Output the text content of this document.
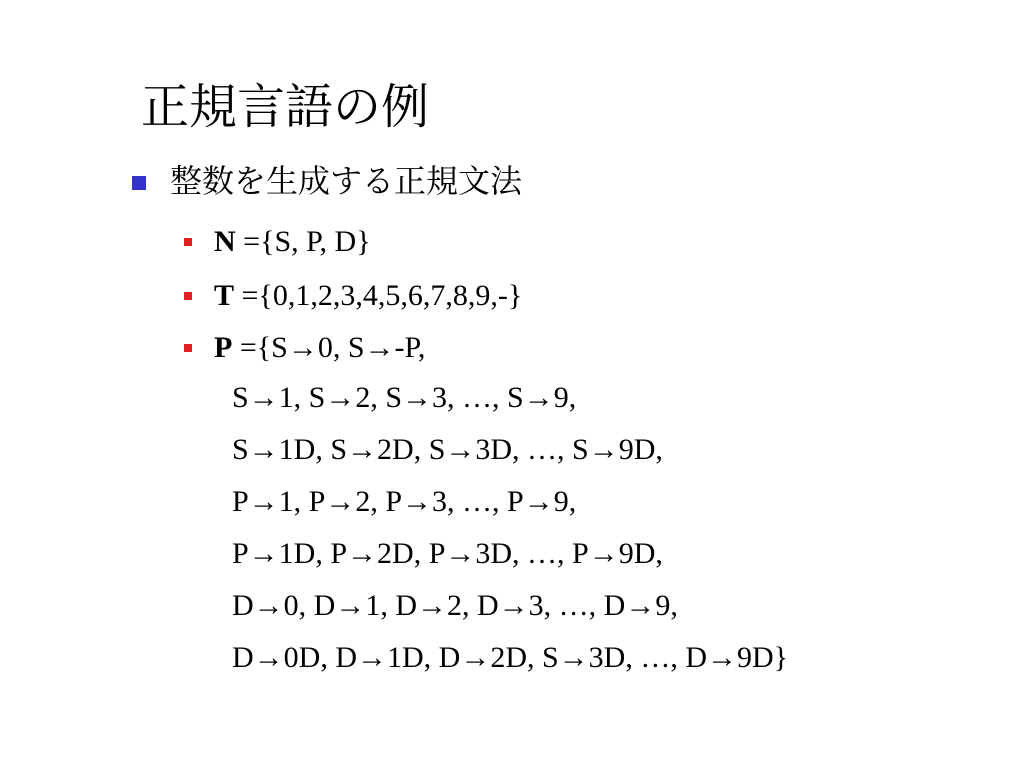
正規言語の例
整数を生成する正規文法
N ={S, P, D}
T ={0,1,2,3,4,5,6,7,8,9,-}
P ={S→0, S→-P,
S→1, S→2, S→3, …, S→9,
S→1D, S→2D, S→3D, …, S→9D,
P→1, P→2, P→3, …, P→9,
P→1D, P→2D, P→3D, …, P→9D,
D→0, D→1, D→2, D→3, …, D→9,
D→0D, D→1D, D→2D, S→3D, …, D→9D}
